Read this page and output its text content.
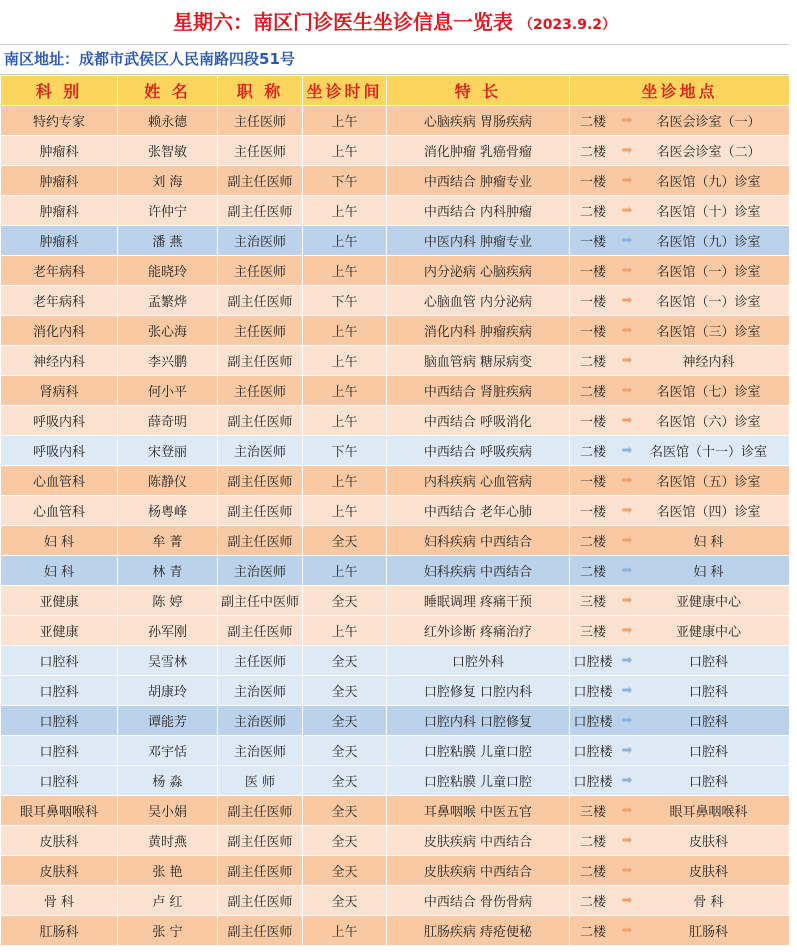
星期六：南区门诊医生坐诊信息一览表 （2023.9.2）
南区地址：成都市武侯区人民南路四段51号
科 别	姓 名	职 称	坐诊时间	特 长	坐诊地点
特约专家	赖永德	主任医师	上午	心脑疾病 胃肠疾病	二楼 ➡ 名医会诊室（一）

肿瘤科	张智敏	主任医师	上午	消化肿瘤 乳癌骨瘤	二楼 ➡ 名医会诊室（二）

肿瘤科	刘 海	副主任医师	下午	中西结合 肿瘤专业	一楼 ➡ 名医馆（九）诊室

肿瘤科	许仲宁	副主任医师	上午	中西结合 内科肿瘤	二楼 ➡ 名医馆（十）诊室

肿瘤科	潘 燕	主治医师	上午	中医内科 肿瘤专业	一楼 ➡ 名医馆（九）诊室

老年病科	能晓玲	主任医师	上午	内分泌病 心脑疾病	一楼 ➡ 名医馆（一）诊室

老年病科	孟繁烨	副主任医师	下午	心脑血管 内分泌病	一楼 ➡ 名医馆（一）诊室

消化内科	张心海	主任医师	上午	消化内科 肿瘤疾病	一楼 ➡ 名医馆（三）诊室

神经内科	李兴鹏	副主任医师	上午	脑血管病 糖尿病变	二楼 ➡ 神经内科

肾病科	何小平	主任医师	上午	中西结合 肾脏疾病	二楼 ➡ 名医馆（七）诊室

呼吸内科	薛奇明	副主任医师	上午	中西结合 呼吸消化	一楼 ➡ 名医馆（六）诊室

呼吸内科	宋登丽	主治医师	下午	中西结合 呼吸疾病	二楼 ➡ 名医馆（十一）诊室

心血管科	陈静仪	副主任医师	上午	内科疾病 心血管病	一楼 ➡ 名医馆（五）诊室

心血管科	杨粤峰	副主任医师	上午	中西结合 老年心肺	一楼 ➡ 名医馆（四）诊室

妇 科	牟 菁	副主任医师	全天	妇科疾病 中西结合	二楼 ➡ 妇 科

妇 科	林 青	主治医师	上午	妇科疾病 中西结合	二楼 ➡ 妇 科

亚健康	陈 婷	副主任中医师	全天	睡眠调理 疼痛干预	三楼 ➡ 亚健康中心

亚健康	孙军刚	副主任医师	上午	红外诊断 疼痛治疗	三楼 ➡ 亚健康中心

口腔科	吴雪林	主任医师	全天	口腔外科	口腔楼 ➡ 口腔科

口腔科	胡康玲	主治医师	全天	口腔修复 口腔内科	口腔楼 ➡ 口腔科

口腔科	谭能芳	主治医师	全天	口腔内科 口腔修复	口腔楼 ➡ 口腔科

口腔科	邓宇恬	主治医师	全天	口腔粘膜 儿童口腔	口腔楼 ➡ 口腔科

口腔科	杨 淼	医 师	全天	口腔粘膜 儿童口腔	口腔楼 ➡ 口腔科

眼耳鼻咽喉科	吴小娟	副主任医师	全天	耳鼻咽喉 中医五官	三楼 ➡ 眼耳鼻咽喉科

皮肤科	黄时燕	副主任医师	全天	皮肤疾病 中西结合	二楼 ➡ 皮肤科

皮肤科	张 艳	副主任医师	全天	皮肤疾病 中西结合	二楼 ➡ 皮肤科

骨 科	卢 红	副主任医师	全天	中西结合 骨伤骨病	二楼 ➡ 骨 科

肛肠科	张 宁	副主任医师	上午	肛肠疾病 痔疮便秘	二楼 ➡ 肛肠科
